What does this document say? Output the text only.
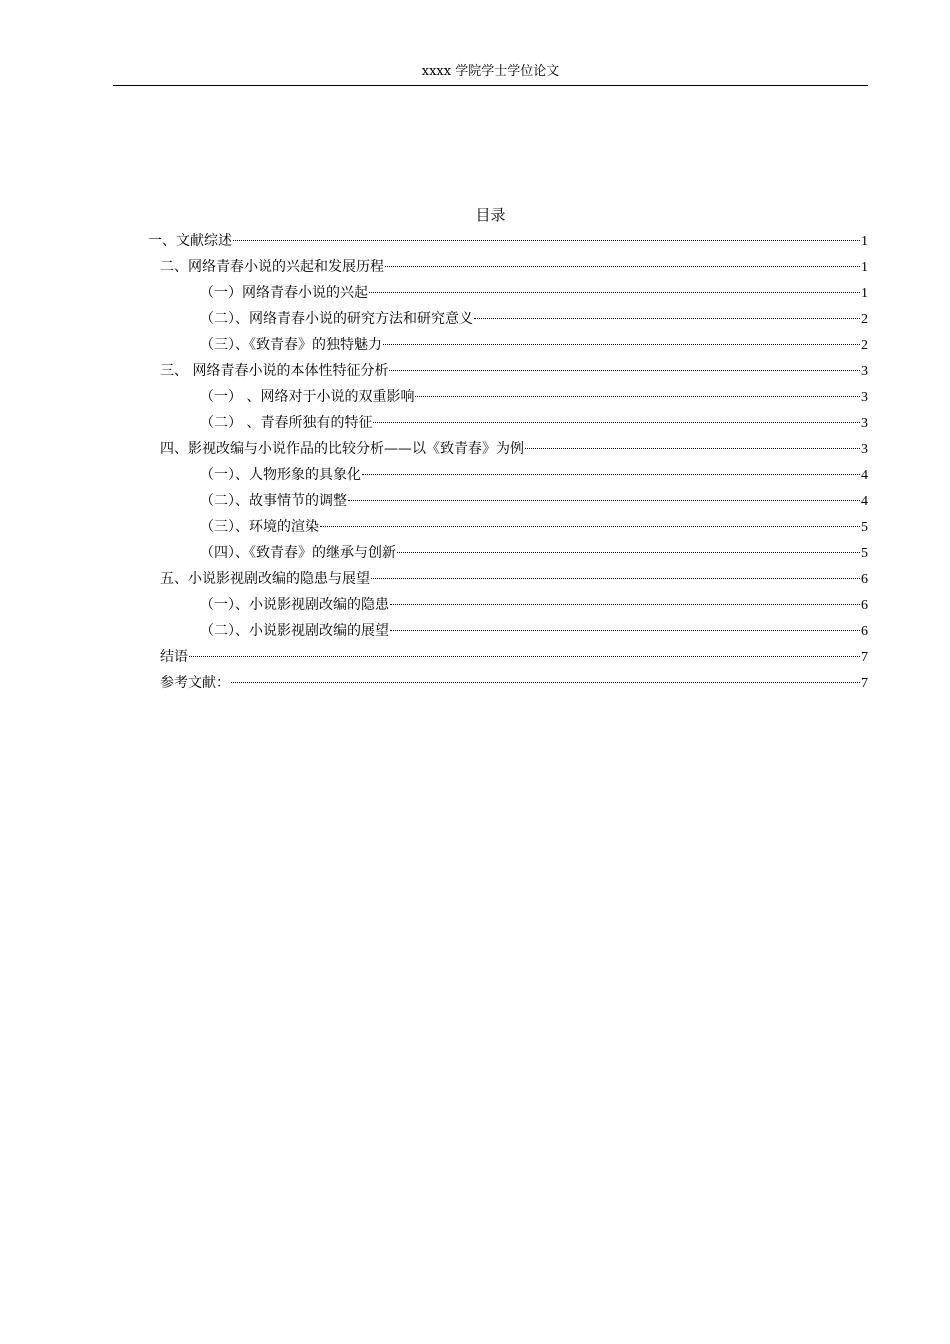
xxxx 学院学士学位论文
目录
一、文献综述	1
二、网络青春小说的兴起和发展历程	1
（一）网络青春小说的兴起	1
（二）、网络青春小说的研究方法和研究意义	2
（三）、《致青春》的独特魅力	2
三、 网络青春小说的本体性特征分析	3
（一） 、网络对于小说的双重影响	3
（二） 、青春所独有的特征	3
四、影视改编与小说作品的比较分析——以《致青春》为例	3
（一）、人物形象的具象化	4
（二）、故事情节的调整	4
（三）、环境的渲染	5
（四）、《致青春》的继承与创新	5
五、小说影视剧改编的隐患与展望	6
（一）、小说影视剧改编的隐患	6
（二）、小说影视剧改编的展望	6
结语	7
参考文献：	7
